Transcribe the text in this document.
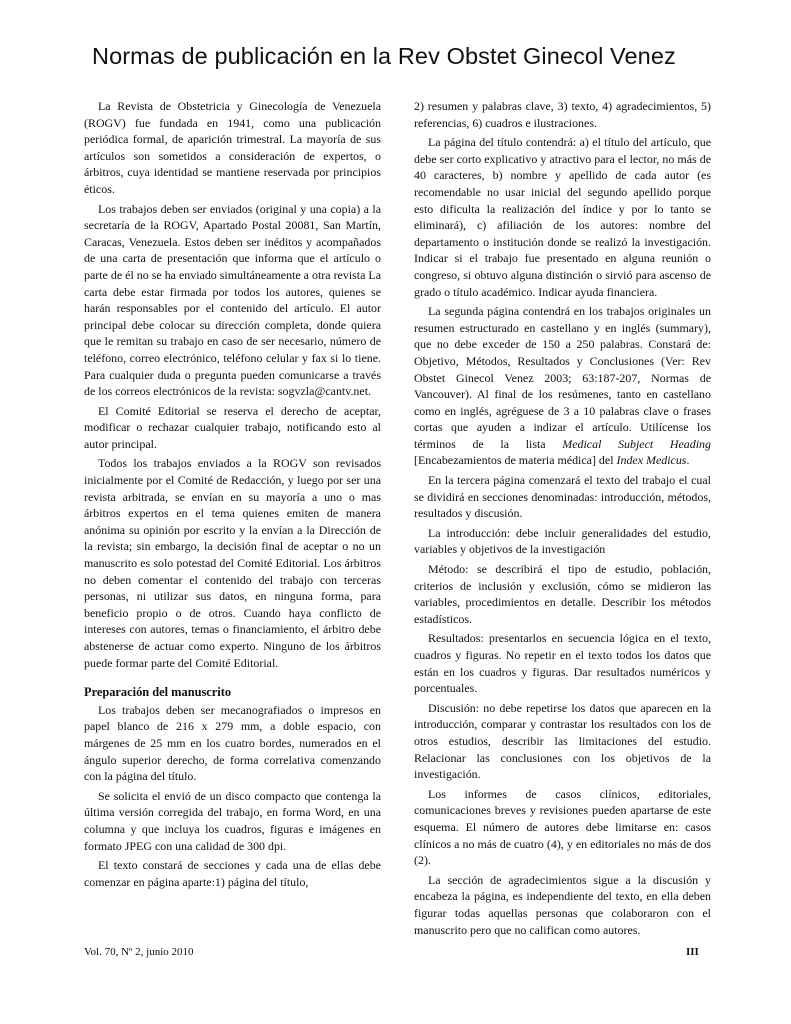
Normas de publicación en la Rev Obstet Ginecol Venez

La Revista de Obstetricia y Ginecología de Venezuela (ROGV) fue fundada en 1941, como una publicación periódica formal, de aparición trimestral. La mayoría de sus artículos son sometidos a consideración de expertos, o árbitros, cuya identidad se mantiene reservada por principios éticos.

Los trabajos deben ser enviados (original y una copia) a la secretaría de la ROGV, Apartado Postal 20081, San Martín, Caracas, Venezuela. Estos deben ser inéditos y acompañados de una carta de presentación que informa que el artículo o parte de él no se ha enviado simultáneamente a otra revista La carta debe estar firmada por todos los autores, quienes se harán responsables por el contenido del artículo. El autor principal debe colocar su dirección completa, donde quiera que le remitan su trabajo en caso de ser necesario, número de teléfono, correo electrónico, teléfono celular y fax si lo tiene. Para cualquier duda o pregunta pueden comunicarse a través de los correos electrónicos de la revista: sogvzla@cantv.net.

El Comité Editorial se reserva el derecho de aceptar, modificar o rechazar cualquier trabajo, notificando esto al autor principal.

Todos los trabajos enviados a la ROGV son revisados inicialmente por el Comité de Redacción, y luego por ser una revista arbitrada, se envían en su mayoría a uno o mas árbitros expertos en el tema quienes emiten de manera anónima su opinión por escrito y la envían a la Dirección de la revista; sin embargo, la decisión final de aceptar o no un manuscrito es solo potestad del Comité Editorial. Los árbitros no deben comentar el contenido del trabajo con terceras personas, ni utilizar sus datos, en ninguna forma, para beneficio propio o de otros. Cuando haya conflicto de intereses con autores, temas o financiamiento, el árbitro debe abstenerse de actuar como experto. Ninguno de los árbitros puede formar parte del Comité Editorial.

Preparación del manuscrito

Los trabajos deben ser mecanografiados o impresos en papel blanco de 216 x 279 mm, a doble espacio, con márgenes de 25 mm en los cuatro bordes, numerados en el ángulo superior derecho, de forma correlativa comenzando con la página del título.

Se solicita el envió de un disco compacto que contenga la última versión corregida del trabajo, en forma Word, en una columna y que incluya los cuadros, figuras e imágenes en formato JPEG con una calidad de 300 dpi.

El texto constará de secciones y cada una de ellas debe comenzar en página aparte:1) página del título,

2) resumen y palabras clave, 3) texto, 4) agradecimientos, 5) referencias, 6) cuadros e ilustraciones.

La página del título contendrá: a) el título del artículo, que debe ser corto explicativo y atractivo para el lector, no más de 40 caracteres, b) nombre y apellido de cada autor (es recomendable no usar inicial del segundo apellido porque esto dificulta la realización del índice y por lo tanto se eliminará), c) afiliación de los autores: nombre del departamento o institución donde se realizó la investigación. Indicar si el trabajo fue presentado en alguna reunión o congreso, si obtuvo alguna distinción o sirvió para ascenso de grado o título académico. Indicar ayuda financiera.

La segunda página contendrá en los trabajos originales un resumen estructurado en castellano y en inglés (summary), que no debe exceder de 150 a 250 palabras. Constará de: Objetivo, Métodos, Resultados y Conclusiones (Ver: Rev Obstet Ginecol Venez 2003; 63:187-207, Normas de Vancouver). Al final de los resúmenes, tanto en castellano como en inglés, agréguese de 3 a 10 palabras clave o frases cortas que ayuden a indizar el artículo. Utilícense los términos de la lista Medical Subject Heading [Encabezamientos de materia médica] del Index Medicus.

En la tercera página comenzará el texto del trabajo el cual se dividirá en secciones denominadas: introducción, métodos, resultados y discusión.

La introducción: debe incluir generalidades del estudio, variables y objetivos de la investigación

Método: se describirá el tipo de estudio, población, criterios de inclusión y exclusión, cómo se midieron las variables, procedimientos en detalle. Describir los métodos estadísticos.

Resultados: presentarlos en secuencia lógica en el texto, cuadros y figuras. No repetir en el texto todos los datos que están en los cuadros y figuras. Dar resultados numéricos y porcentuales.

Discusión: no debe repetirse los datos que aparecen en la introducción, comparar y contrastar los resultados con los de otros estudios, describir las limitaciones del estudio. Relacionar las conclusiones con los objetivos de la investigación.

Los informes de casos clínicos, editoriales, comunicaciones breves y revisiones pueden apartarse de este esquema. El número de autores debe limitarse en: casos clínicos a no más de cuatro (4), y en editoriales no más de dos (2).

La sección de agradecimientos sigue a la discusión y encabeza la página, es independiente del texto, en ella deben figurar todas aquellas personas que colaboraron con el manuscrito pero que no califican como autores.

Vol. 70, Nº 2, junio 2010	III
